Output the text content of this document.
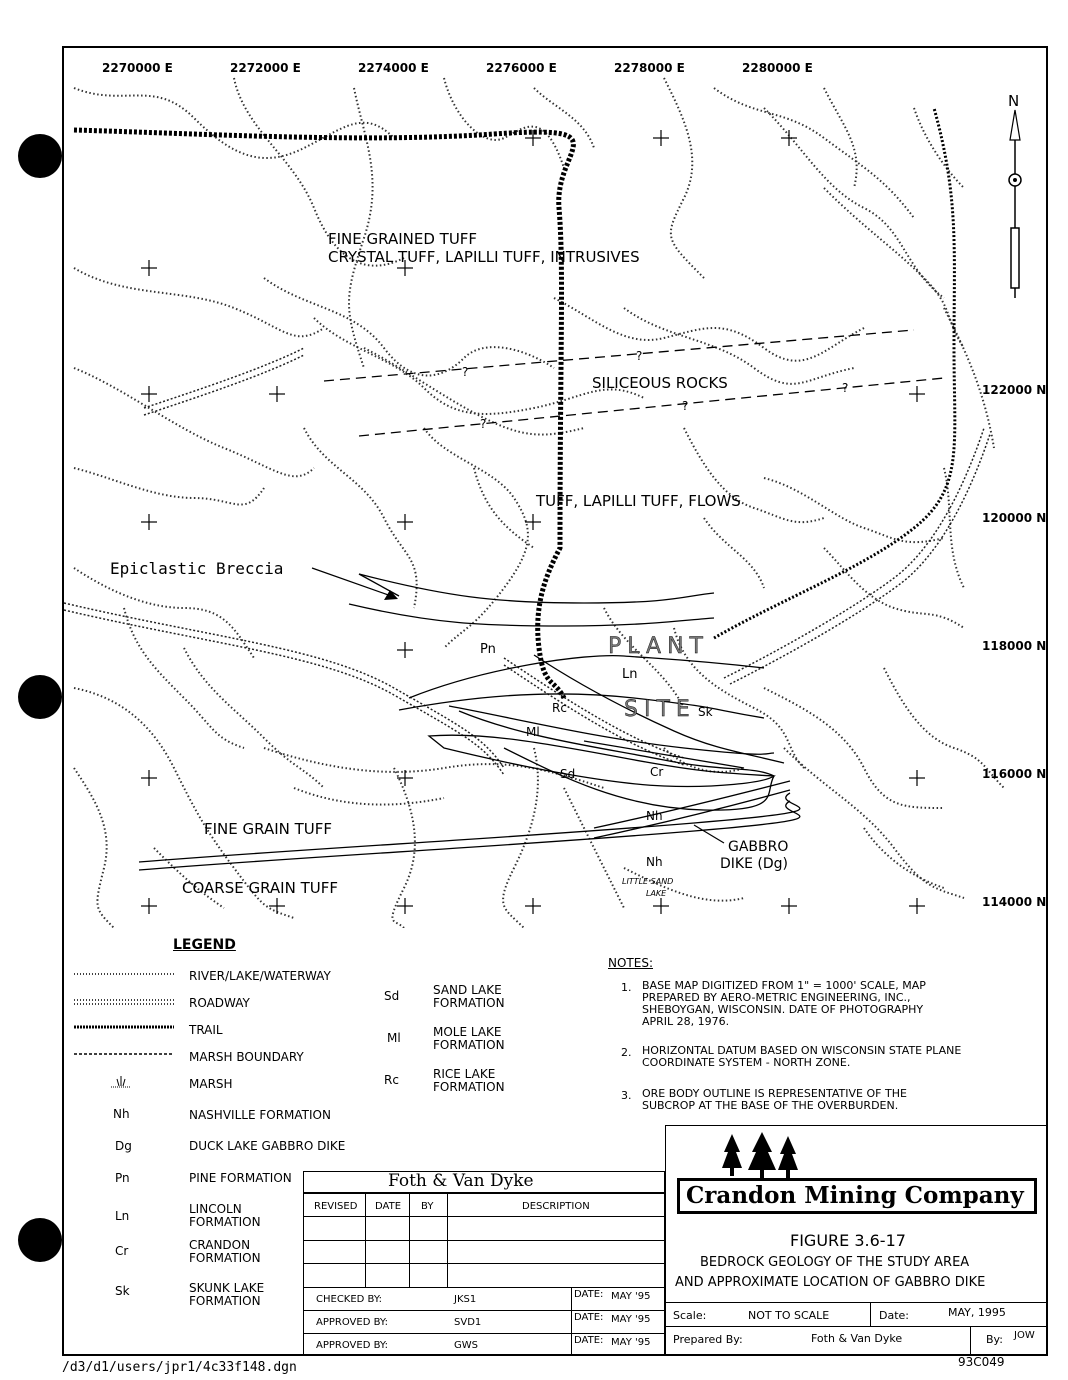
2270000 E	2272000 E	2274000 E	2276000 E	2278000 E	2280000 E
122000 N
120000 N
118000 N
116000 N
114000 N
N
FINE GRAINED TUFF
CRYSTAL TUFF, LAPILLI TUFF, INTRUSIVES
SILICEOUS ROCKS
TUFF, LAPILLI TUFF, FLOWS
Epiclastic Breccia
Pn	PLANT
Ln
SITE
Rc	Sk
Ml
Sd	Cr
Nh
Nh
GABBRO
DIKE (Dg)
LITTLE SAND
LAKE
FINE GRAIN TUFF
COARSE GRAIN TUFF
?
?
?
?
?
LEGEND
RIVER/LAKE/WATERWAY
ROADWAY
TRAIL
MARSH BOUNDARY
MARSH
Nh	NASHVILLE FORMATION
Dg	DUCK LAKE GABBRO DIKE
Pn	PINE FORMATION
Ln	LINCOLN
FORMATION
Cr	CRANDON
FORMATION
Sk	SKUNK LAKE
FORMATION
Sd	SAND LAKE
FORMATION
Ml	MOLE LAKE
FORMATION
Rc	RICE LAKE
FORMATION
NOTES:
1. BASE MAP DIGITIZED FROM 1" = 1000' SCALE, MAP
PREPARED BY AERO-METRIC ENGINEERING, INC.,
SHEBOYGAN, WISCONSIN. DATE OF PHOTOGRAPHY
APRIL 28, 1976.
2. HORIZONTAL DATUM BASED ON WISCONSIN STATE PLANE
COORDINATE SYSTEM - NORTH ZONE.
3. ORE BODY OUTLINE IS REPRESENTATIVE OF THE
SUBCROP AT THE BASE OF THE OVERBURDEN.
Foth & Van Dyke
REVISED DATE BY	DESCRIPTION
CHECKED BY:	JKS1	DATE: MAY '95
APPROVED BY:	SVD1	DATE: MAY '95
APPROVED BY:	GWS	DATE: MAY '95
Crandon Mining Company
FIGURE 3.6-17
BEDROCK GEOLOGY OF THE STUDY AREA
AND APPROXIMATE LOCATION OF GABBRO DIKE
Scale:	NOT TO SCALE	Date:	MAY, 1995
Prepared By:	Foth & Van Dyke	By: JOW
/d3/d1/users/jpr1/4c33f148.dgn	93C049
